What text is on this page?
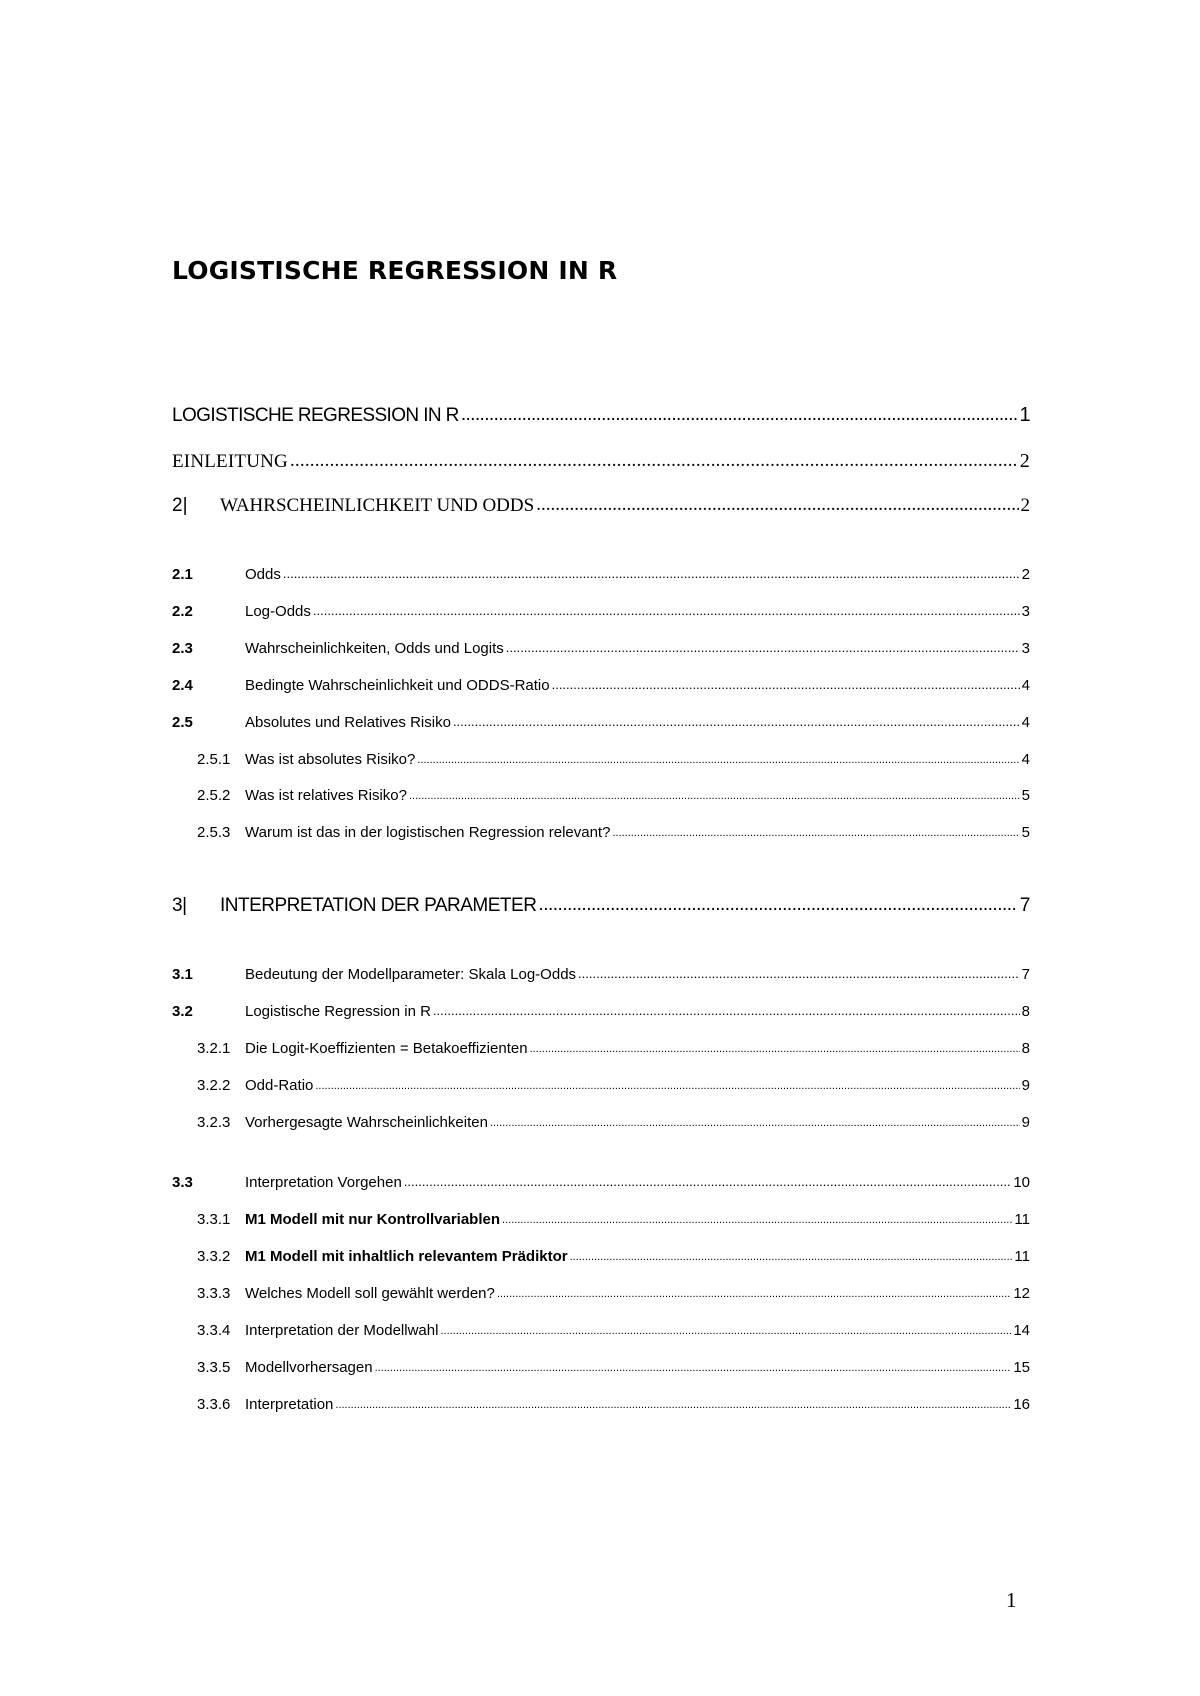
LOGISTISCHE REGRESSION IN R
LOGISTISCHE REGRESSION IN R .....	1
EINLEITUNG .....	2
2|	WAHRSCHEINLICHKEIT UND ODDS .....	2
2.1	Odds .....	2
2.2	Log-Odds .....	3
2.3	Wahrscheinlichkeiten, Odds und Logits .....	3
2.4	Bedingte Wahrscheinlichkeit und ODDS-Ratio .....	4
2.5	Absolutes und Relatives Risiko .....	4
2.5.1 Was ist absolutes Risiko? .....	4
2.5.2 Was ist relatives Risiko? .....	5
2.5.3 Warum ist das in der logistischen Regression relevant? .....	5
3|	INTERPRETATION DER PARAMETER .....	7
3.1	Bedeutung der Modellparameter: Skala Log-Odds .....	7
3.2	Logistische Regression in R .....	8
3.2.1 Die Logit-Koeffizienten = Betakoeffizienten .....	8
3.2.2 Odd-Ratio .....	9
3.2.3 Vorhergesagte Wahrscheinlichkeiten .....	9
3.3	Interpretation Vorgehen .....	10
3.3.1 M1 Modell mit nur Kontrollvariablen .....	11
3.3.2 M1 Modell mit inhaltlich relevantem Prädiktor .....	11
3.3.3 Welches Modell soll gewählt werden? .....	12
3.3.4 Interpretation der Modellwahl .....	14
3.3.5 Modellvorhersagen .....	15
3.3.6 Interpretation .....	16
1
